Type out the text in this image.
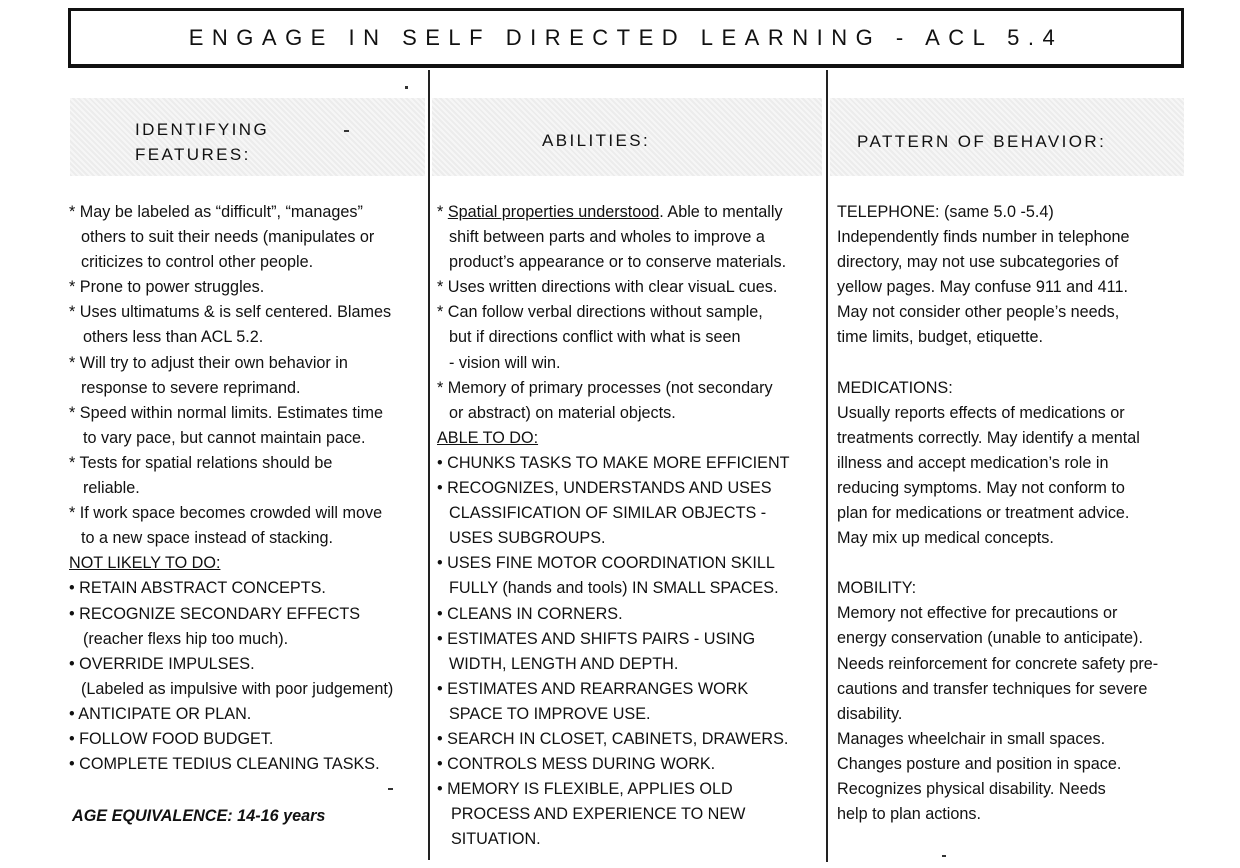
ENGAGE IN SELF DIRECTED LEARNING - ACL 5.4
IDENTIFYING
FEATURES:
ABILITIES:	PATTERN OF BEHAVIOR:
* May be labeled as “difficult”, “manages”
others to suit their needs (manipulates or
criticizes to control other people.
* Prone to power struggles.
* Uses ultimatums & is self centered. Blames
others less than ACL 5.2.
* Will try to adjust their own behavior in
response to severe reprimand.
* Speed within normal limits. Estimates time
to vary pace, but cannot maintain pace.
* Tests for spatial relations should be
reliable.
* If work space becomes crowded will move
to a new space instead of stacking.
NOT LIKELY TO DO:
• RETAIN ABSTRACT CONCEPTS.
• RECOGNIZE SECONDARY EFFECTS
(reacher flexs hip too much).
• OVERRIDE IMPULSES.
(Labeled as impulsive with poor judgement)
• ANTICIPATE OR PLAN.
• FOLLOW FOOD BUDGET.
• COMPLETE TEDIUS CLEANING TASKS.
AGE EQUIVALENCE: 14-16 years
* Spatial properties understood. Able to mentally
shift between parts and wholes to improve a
product’s appearance or to conserve materials.
* Uses written directions with clear visuaL cues.
* Can follow verbal directions without sample,
but if directions conflict with what is seen
- vision will win.
* Memory of primary processes (not secondary
or abstract) on material objects.
ABLE TO DO:
• CHUNKS TASKS TO MAKE MORE EFFICIENT
• RECOGNIZES, UNDERSTANDS AND USES
CLASSIFICATION OF SIMILAR OBJECTS -
USES SUBGROUPS.
• USES FINE MOTOR COORDINATION SKILL
FULLY (hands and tools) IN SMALL SPACES.
• CLEANS IN CORNERS.
• ESTIMATES AND SHIFTS PAIRS - USING
WIDTH, LENGTH AND DEPTH.
• ESTIMATES AND REARRANGES WORK
SPACE TO IMPROVE USE.
• SEARCH IN CLOSET, CABINETS, DRAWERS.
• CONTROLS MESS DURING WORK.
• MEMORY IS FLEXIBLE, APPLIES OLD
PROCESS AND EXPERIENCE TO NEW
SITUATION.
TELEPHONE: (same 5.0 -5.4)
Independently finds number in telephone
directory, may not use subcategories of
yellow pages. May confuse 911 and 411.
May not consider other people’s needs,
time limits, budget, etiquette.
MEDICATIONS:
Usually reports effects of medications or
treatments correctly. May identify a mental
illness and accept medication’s role in
reducing symptoms. May not conform to
plan for medications or treatment advice.
May mix up medical concepts.
MOBILITY:
Memory not effective for precautions or
energy conservation (unable to anticipate).
Needs reinforcement for concrete safety pre-
cautions and transfer techniques for severe
disability.
Manages wheelchair in small spaces.
Changes posture and position in space.
Recognizes physical disability. Needs
help to plan actions.
